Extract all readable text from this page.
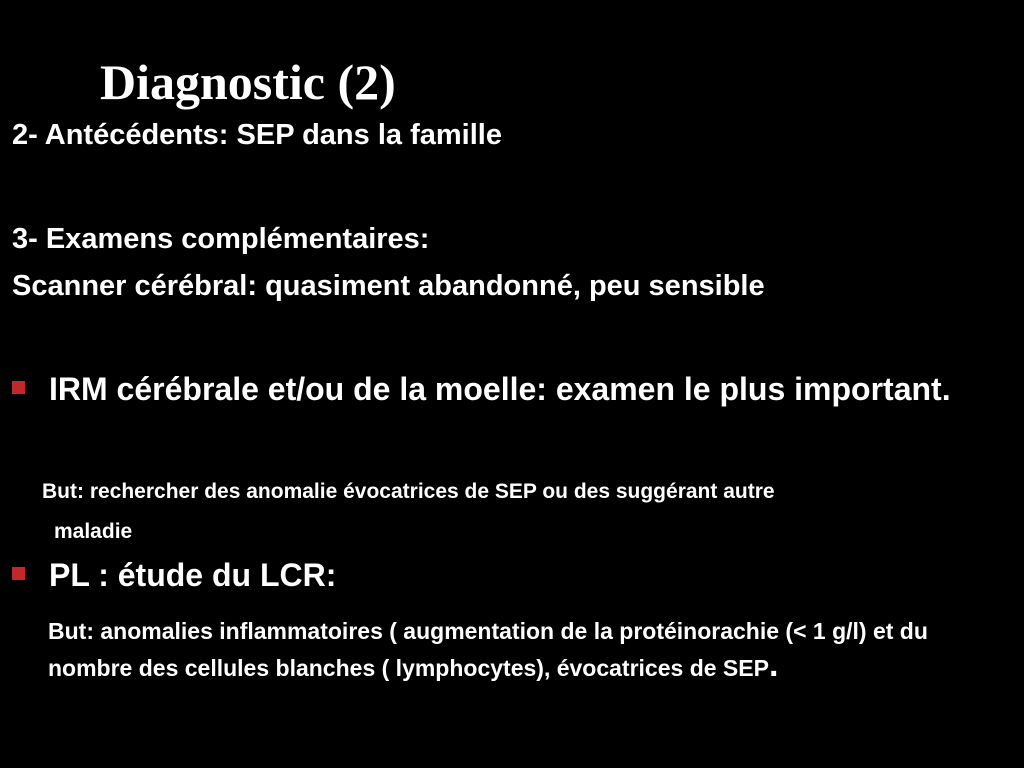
Diagnostic (2)

2- Antécédents: SEP dans la famille

3- Examens complémentaires:

Scanner cérébral: quasiment abandonné, peu sensible

IRM cérébrale et/ou de la moelle: examen le plus important.

But: rechercher des anomalie évocatrices de SEP ou des suggérant autre
maladie

PL : étude du LCR:

But: anomalies inflammatoires ( augmentation de la protéinorachie (< 1 g/l) et du nombre des cellules blanches ( lymphocytes), évocatrices de SEP.
